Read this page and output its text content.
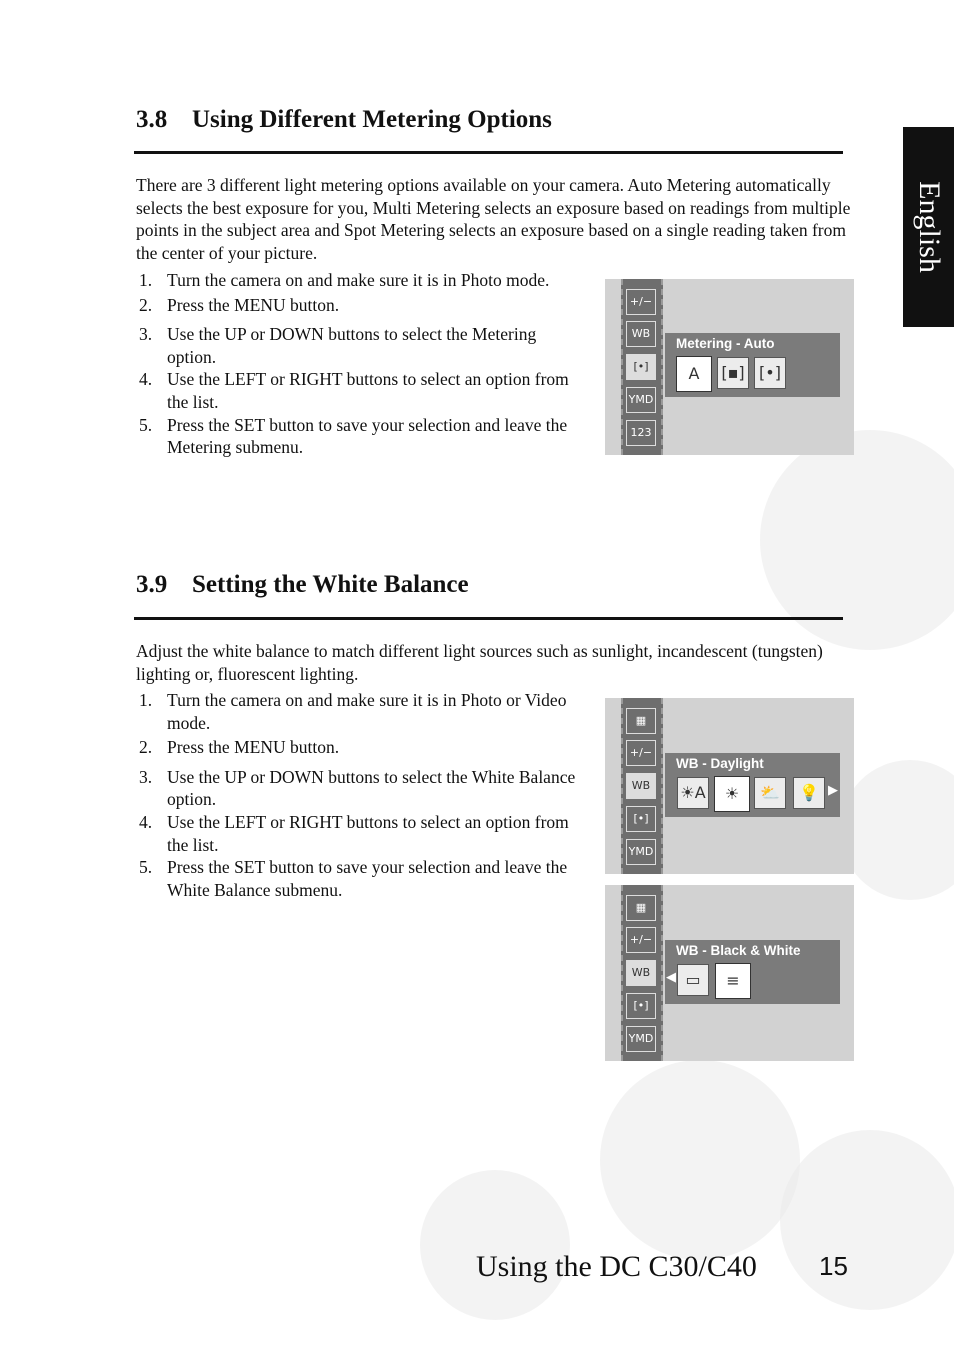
English
3.8 Using Different Metering Options

There are 3 different light metering options available on your camera. Auto Metering automatically selects the best exposure for you, Multi Metering selects an exposure based on readings from multiple points in the subject area and Spot Metering selects an exposure based on a single reading taken from the center of your picture.

1. Turn the camera on and make sure it is in Photo mode.
2. Press the MENU button.
3. Use the UP or DOWN buttons to select the Metering option.
4. Use the LEFT or RIGHT buttons to select an option from the list.
5. Press the SET button to save your selection and leave the Metering submenu.
+/−
WB
[•]
YMD
123
Metering - Auto
A	[▪] [•]
3.9 Setting the White Balance

Adjust the white balance to match different light sources such as sunlight, incandescent (tungsten) lighting or, fluorescent lighting.

1. Turn the camera on and make sure it is in Photo or Video mode.
2. Press the MENU button.
3. Use the UP or DOWN buttons to select the White Balance option.
4. Use the LEFT or RIGHT buttons to select an option from the list.
5. Press the SET button to save your selection and leave the White Balance submenu.
▦
+/−
WB
[•]
YMD
WB - Daylight
☀A	☀	⛅	💡 ▶
▦
+/−
WB
[•]
YMD
◀
WB - Black & White
▭	≡
Using the DC C30/C40 15
